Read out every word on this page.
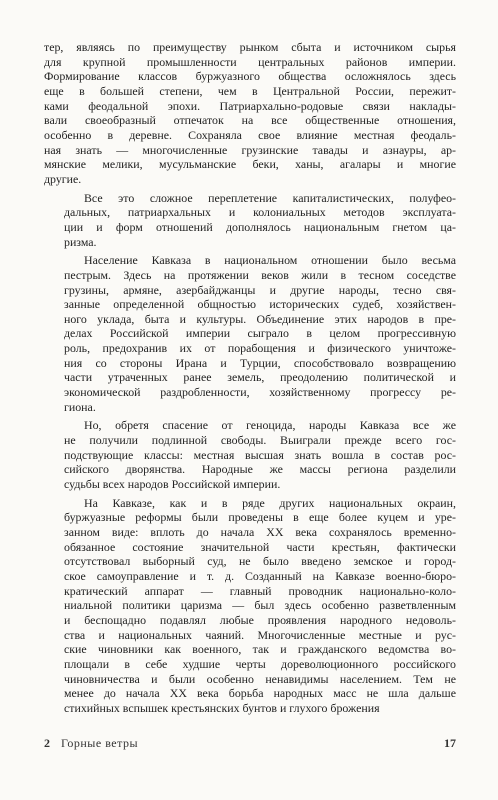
тер, являясь по преимуществу рынком сбыта и источником сырья
для крупной промышленности центральных районов империи.
Формирование классов буржуазного общества осложнялось здесь
еще в большей степени, чем в Центральной России, пережит-
ками феодальной эпохи. Патриархально-родовые связи наклады-
вали своеобразный отпечаток на все общественные отношения,
особенно в деревне. Сохраняла свое влияние местная феодаль-
ная знать — многочисленные грузинские тавады и азнауры, ар-
мянские мелики, мусульманские беки, ханы, агалары и многие
другие.
Все это сложное переплетение капиталистических, полуфео-
дальных, патриархальных и колониальных методов эксплуата-
ции и форм отношений дополнялось национальным гнетом ца-
ризма.
Население Кавказа в национальном отношении было весьма
пестрым. Здесь на протяжении веков жили в тесном соседстве
грузины, армяне, азербайджанцы и другие народы, тесно свя-
занные определенной общностью исторических судеб, хозяйствен-
ного уклада, быта и культуры. Объединение этих народов в пре-
делах Российской империи сыграло в целом прогрессивную
роль, предохранив их от порабощения и физического уничтоже-
ния со стороны Ирана и Турции, способствовало возвращению
части утраченных ранее земель, преодолению политической и
экономической раздробленности, хозяйственному прогрессу ре-
гиона.
Но, обретя спасение от геноцида, народы Кавказа все же
не получили подлинной свободы. Выиграли прежде всего гос-
подствующие классы: местная высшая знать вошла в состав рос-
сийского дворянства. Народные же массы региона разделили
судьбы всех народов Российской империи.
На Кавказе, как и в ряде других национальных окраин,
буржуазные реформы были проведены в еще более куцем и уре-
занном виде: вплоть до начала XX века сохранялось временно-
обязанное состояние значительной части крестьян, фактически
отсутствовал выборный суд, не было введено земское и город-
ское самоуправление и т. д. Созданный на Кавказе военно-бюро-
кратический аппарат — главный проводник национально-коло-
ниальной политики царизма — был здесь особенно разветвленным
и беспощадно подавлял любые проявления народного недоволь-
ства и национальных чаяний. Многочисленные местные и рус-
ские чиновники как военного, так и гражданского ведомства во-
площали в себе худшие черты дореволюционного российского
чиновничества и были особенно ненавидимы населением. Тем не
менее до начала XX века борьба народных масс не шла дальше
стихийных вспышек крестьянских бунтов и глухого брожения
2 Горные ветры	17
